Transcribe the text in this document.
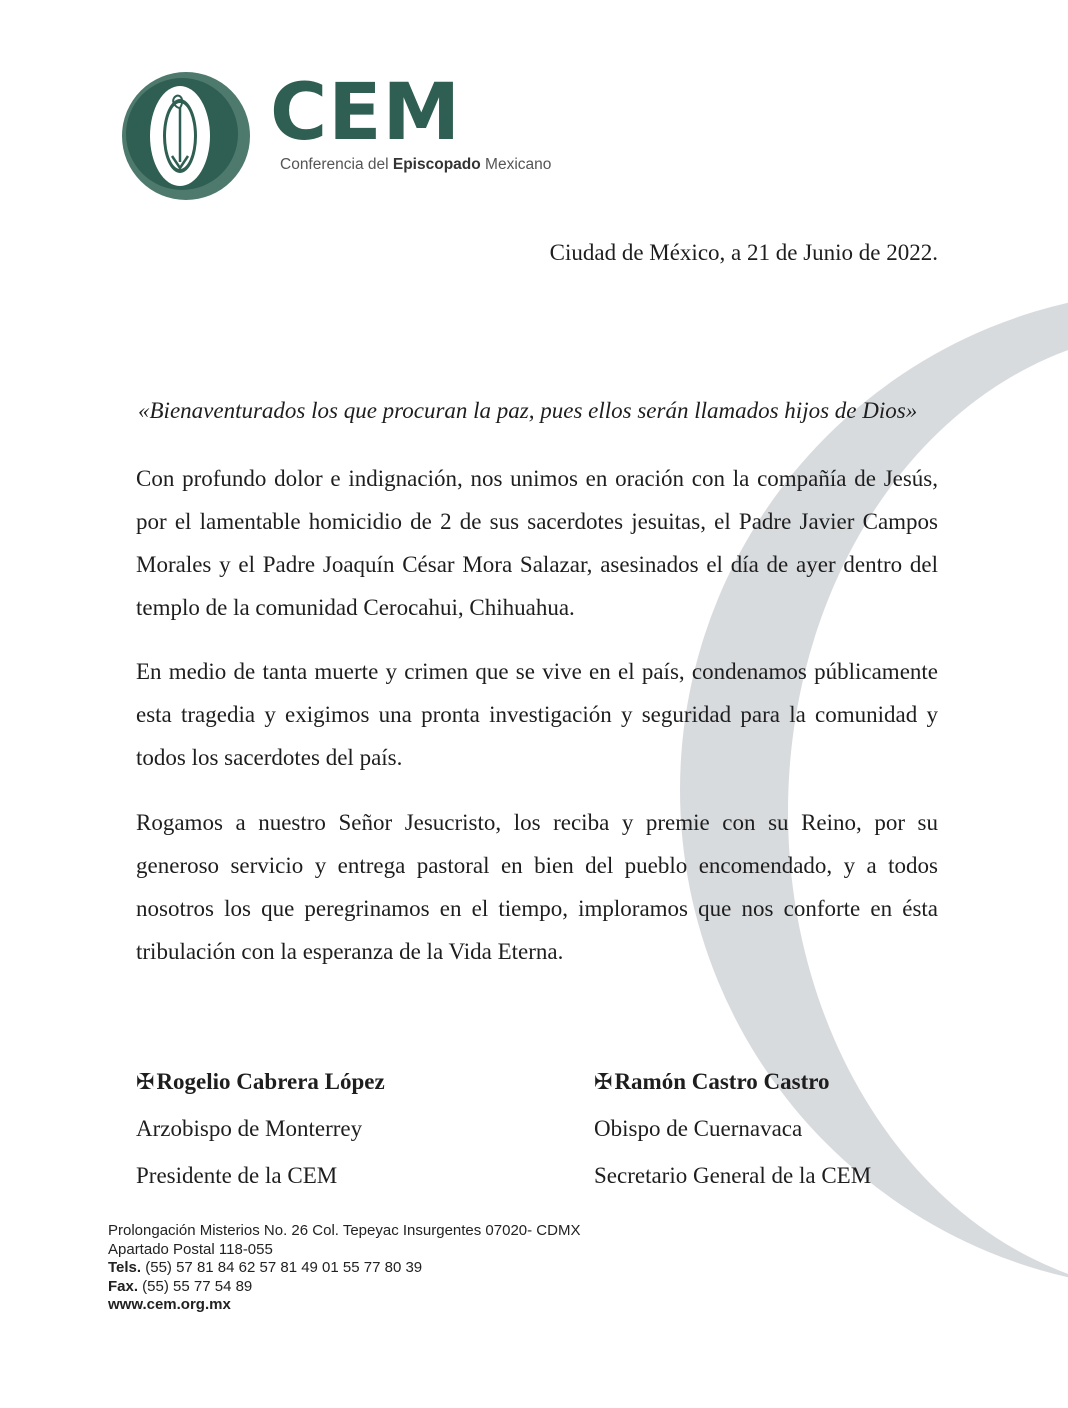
CEM
Conferencia del Episcopado Mexicano
Ciudad de México, a 21 de Junio de 2022.
«Bienaventurados los que procuran la paz, pues ellos serán llamados hijos de Dios»
Con profundo dolor e indignación, nos unimos en oración con la compañía de Jesús, por el lamentable homicidio de 2 de sus sacerdotes jesuitas, el Padre Javier Campos Morales y el Padre Joaquín César Mora Salazar, asesinados el día de ayer dentro del templo de la comunidad Cerocahui, Chihuahua.
En medio de tanta muerte y crimen que se vive en el país, condenamos públicamente esta tragedia y exigimos una pronta investigación y seguridad para la comunidad y todos los sacerdotes del país.
Rogamos a nuestro Señor Jesucristo, los reciba y premie con su Reino, por su generoso servicio y entrega pastoral en bien del pueblo encomendado, y a todos nosotros los que peregrinamos en el tiempo, imploramos que nos conforte en ésta tribulación con la esperanza de la Vida Eterna.
✠Rogelio Cabrera López
Arzobispo de Monterrey
Presidente de la CEM
✠Ramón Castro Castro
Obispo de Cuernavaca
Secretario General de la CEM
Prolongación Misterios No. 26 Col. Tepeyac Insurgentes 07020- CDMX
Apartado Postal 118-055
Tels. (55) 57 81 84 62 57 81 49 01 55 77 80 39
Fax. (55) 55 77 54 89
www.cem.org.mx
